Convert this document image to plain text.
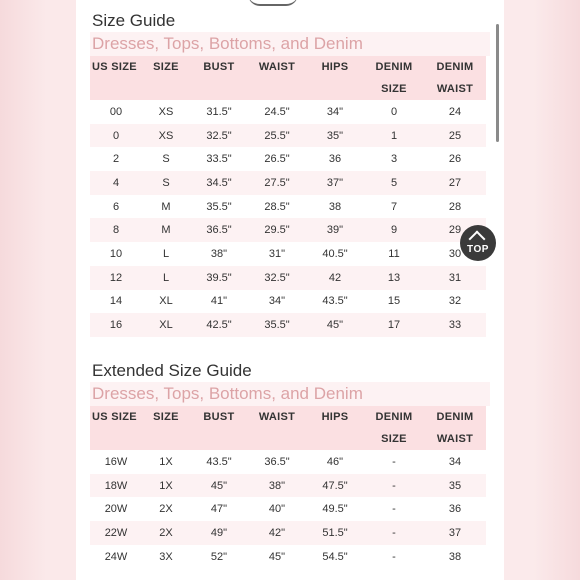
Size Guide
Dresses, Tops, Bottoms, and Denim
US SIZE	SIZE	BUST	WAIST	HIPS	DENIM	DENIM
					SIZE	WAIST
00	XS	31.5"	24.5"	34"	0	24
0	XS	32.5"	25.5"	35"	1	25
2	S	33.5"	26.5"	36	3	26
4	S	34.5"	27.5"	37"	5	27
6	M	35.5"	28.5"	38	7	28
8	M	36.5"	29.5"	39"	9	29
10	L	38"	31"	40.5"	11	30
12	L	39.5"	32.5"	42	13	31
14	XL	41"	34"	43.5"	15	32
16	XL	42.5"	35.5"	45"	17	33
Extended Size Guide
Dresses, Tops, Bottoms, and Denim
US SIZE	SIZE	BUST	WAIST	HIPS	DENIM	DENIM
					SIZE	WAIST
16W	1X	43.5"	36.5"	46"	-	34
18W	1X	45"	38"	47.5"	-	35
20W	2X	47"	40"	49.5"	-	36
22W	2X	49"	42"	51.5"	-	37
24W	3X	52"	45"	54.5"	-	38
TOP
